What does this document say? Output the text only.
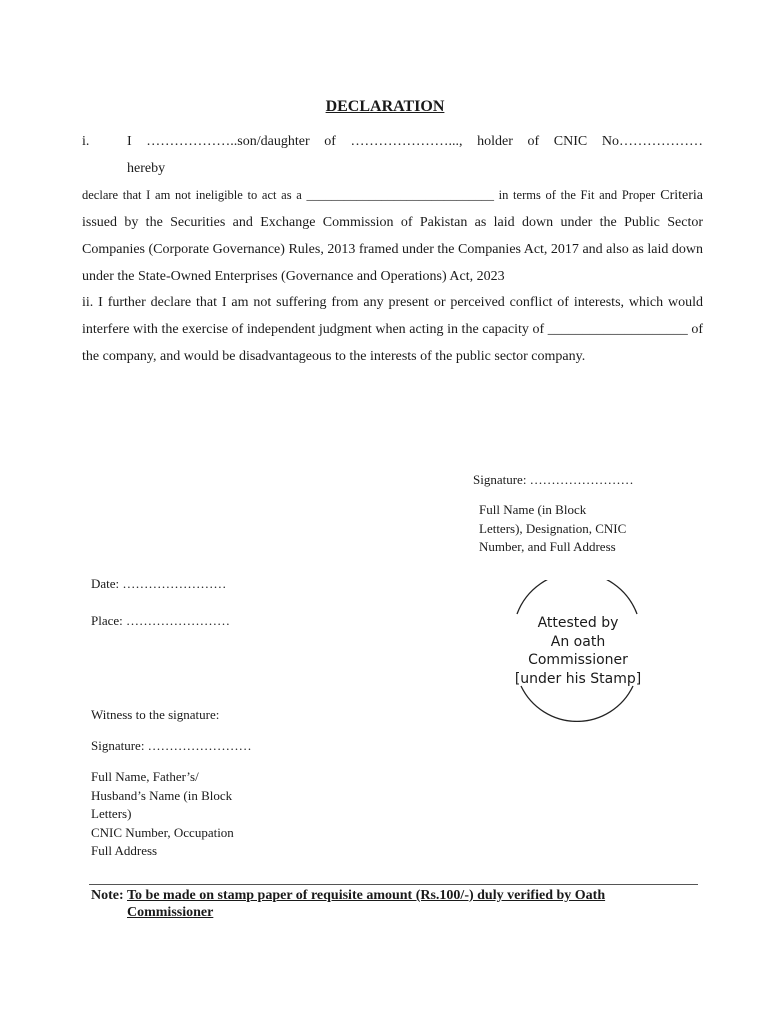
DECLARATION
i.	I ………………..son/daughter of …………………..., holder of CNIC No………………
hereby
declare that I am not ineligible to act as a ______________________________ in terms of the Fit and Proper Criteria issued by the Securities and Exchange Commission of Pakistan as laid down under the Public Sector Companies (Corporate Governance) Rules, 2013 framed under the Companies Act, 2017 and also as laid down under the State-Owned Enterprises (Governance and Operations) Act, 2023
ii. I further declare that I am not suffering from any present or perceived conflict of interests, which would interfere with the exercise of independent judgment when acting in the capacity of ____________________ of the company, and would be disadvantageous to the interests of the public sector company.
Signature: ……………………
Full Name (in Block
Letters), Designation, CNIC
Number, and Full Address
Date: ……………………
Place: ……………………	Attested by
An oath
Commissioner
[under his Stamp]
Witness to the signature:
Signature: ……………………
Full Name, Father’s/
Husband’s Name (in Block
Letters)
CNIC Number, Occupation
Full Address
Note: To be made on stamp paper of requisite amount (Rs.100/-) duly verified by Oath Commissioner
